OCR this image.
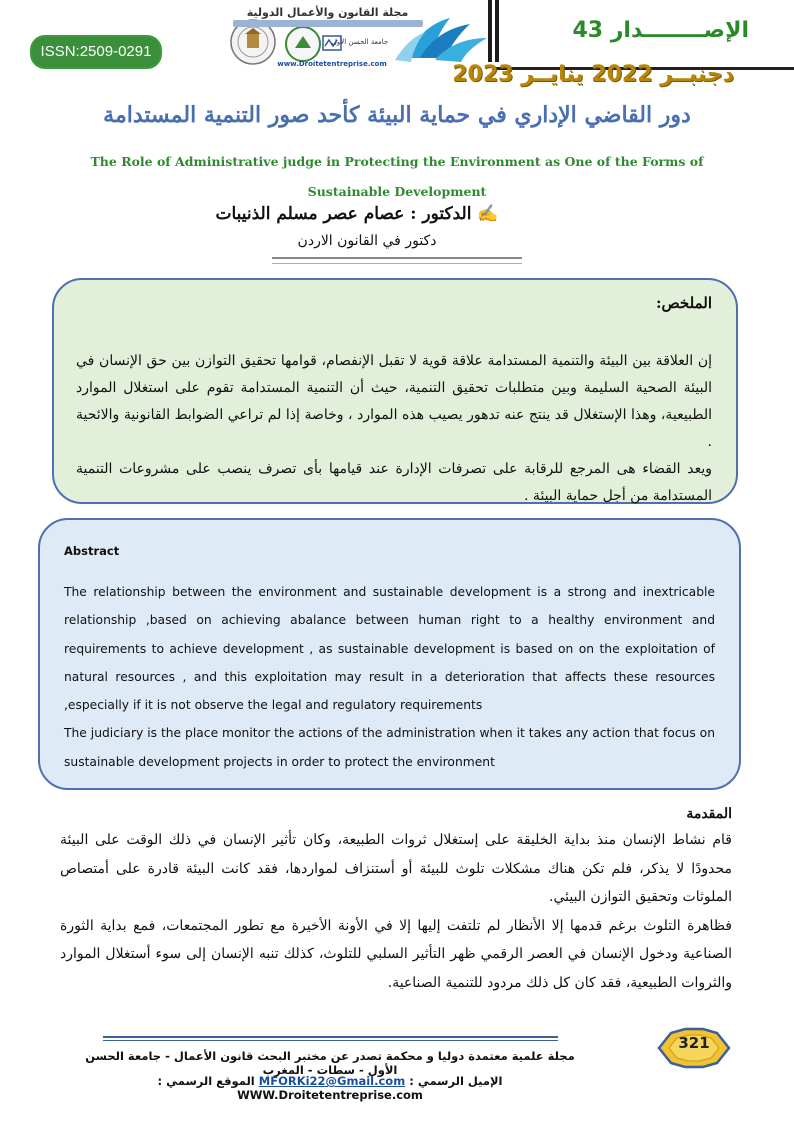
ISSN:2509-0291
مجلة القانون والأعمال الدولية
جامعة الحسن الأول
www.Droitetentreprise.com
الإصــــــــدار 43
دجنبــر 2022 ينايــر 2023
دور القاضي الإداري في حماية البيئة كأحد صور التنمية المستدامة
The Role of Administrative judge in Protecting the Environment as One of the Forms of Sustainable Development
✍ الدكتور : عصام عصر مسلم الذنيبات
دكتور في القانون الاردن
الملخص:
إن العلاقة بين البيئة والتنمية المستدامة علاقة قوية لا تقبل الإنفصام، قوامها تحقيق التوازن بين حق الإنسان في البيئة الصحية السليمة وبين متطلبات تحقيق التنمية، حيث أن التنمية المستدامة تقوم على استغلال الموارد الطبيعية، وهذا الإستغلال قد ينتج عنه تدهور يصيب هذه الموارد ، وخاصة إذا لم تراعي الضوابط القانونية والائحية .
ويعد القضاء هى المرجع للرقابة على تصرفات الإدارة عند قيامها بأى تصرف ينصب على مشروعات التنمية المستدامة من أجل حماية البيئة .
Abstract
The relationship between the environment and sustainable development is a strong and inextricable relationship ,based on achieving abalance between human right to a healthy environment and requirements to achieve development , as sustainable development is based on on the exploitation of natural resources , and this exploitation may result in a deterioration that affects these resources ,especially if it is not observe the legal and regulatory requirements
The judiciary is the place monitor the actions of the administration when it takes any action that focus on sustainable development projects in order to protect the environment
المقدمة
قام نشاط الإنسان منذ بداية الخليقة على إستغلال ثروات الطبيعة، وكان تأثير الإنسان في ذلك الوقت على البيئة محدودًا لا يذكر، فلم تكن هناك مشكلات تلوث للبيئة أو أستنزاف لمواردها، فقد كانت البيئة قادرة على أمتصاص الملوثات وتحقيق التوازن البيئي.
فظاهرة التلوث برغم قدمها إلا الأنظار لم تلتفت إليها إلا في الأونة الأخيرة مع تطور المجتمعات، فمع بداية الثورة الصناعية ودخول الإنسان في العصر الرقمي ظهر التأثير السلبي للتلوث، كذلك تنبه الإنسان إلى سوء أستغلال الموارد والثروات الطبيعية، فقد كان كل ذلك مردود للتنمية الصناعية.
مجلة علمية معتمدة دوليا و محكمة تصدر عن مختبر البحث قانون الأعمال - جامعة الحسن الأول - سطات - المغرب
الإميل الرسمي : MFORKi22@Gmail.com الموقع الرسمي : WWW.Droitetentreprise.com
321
